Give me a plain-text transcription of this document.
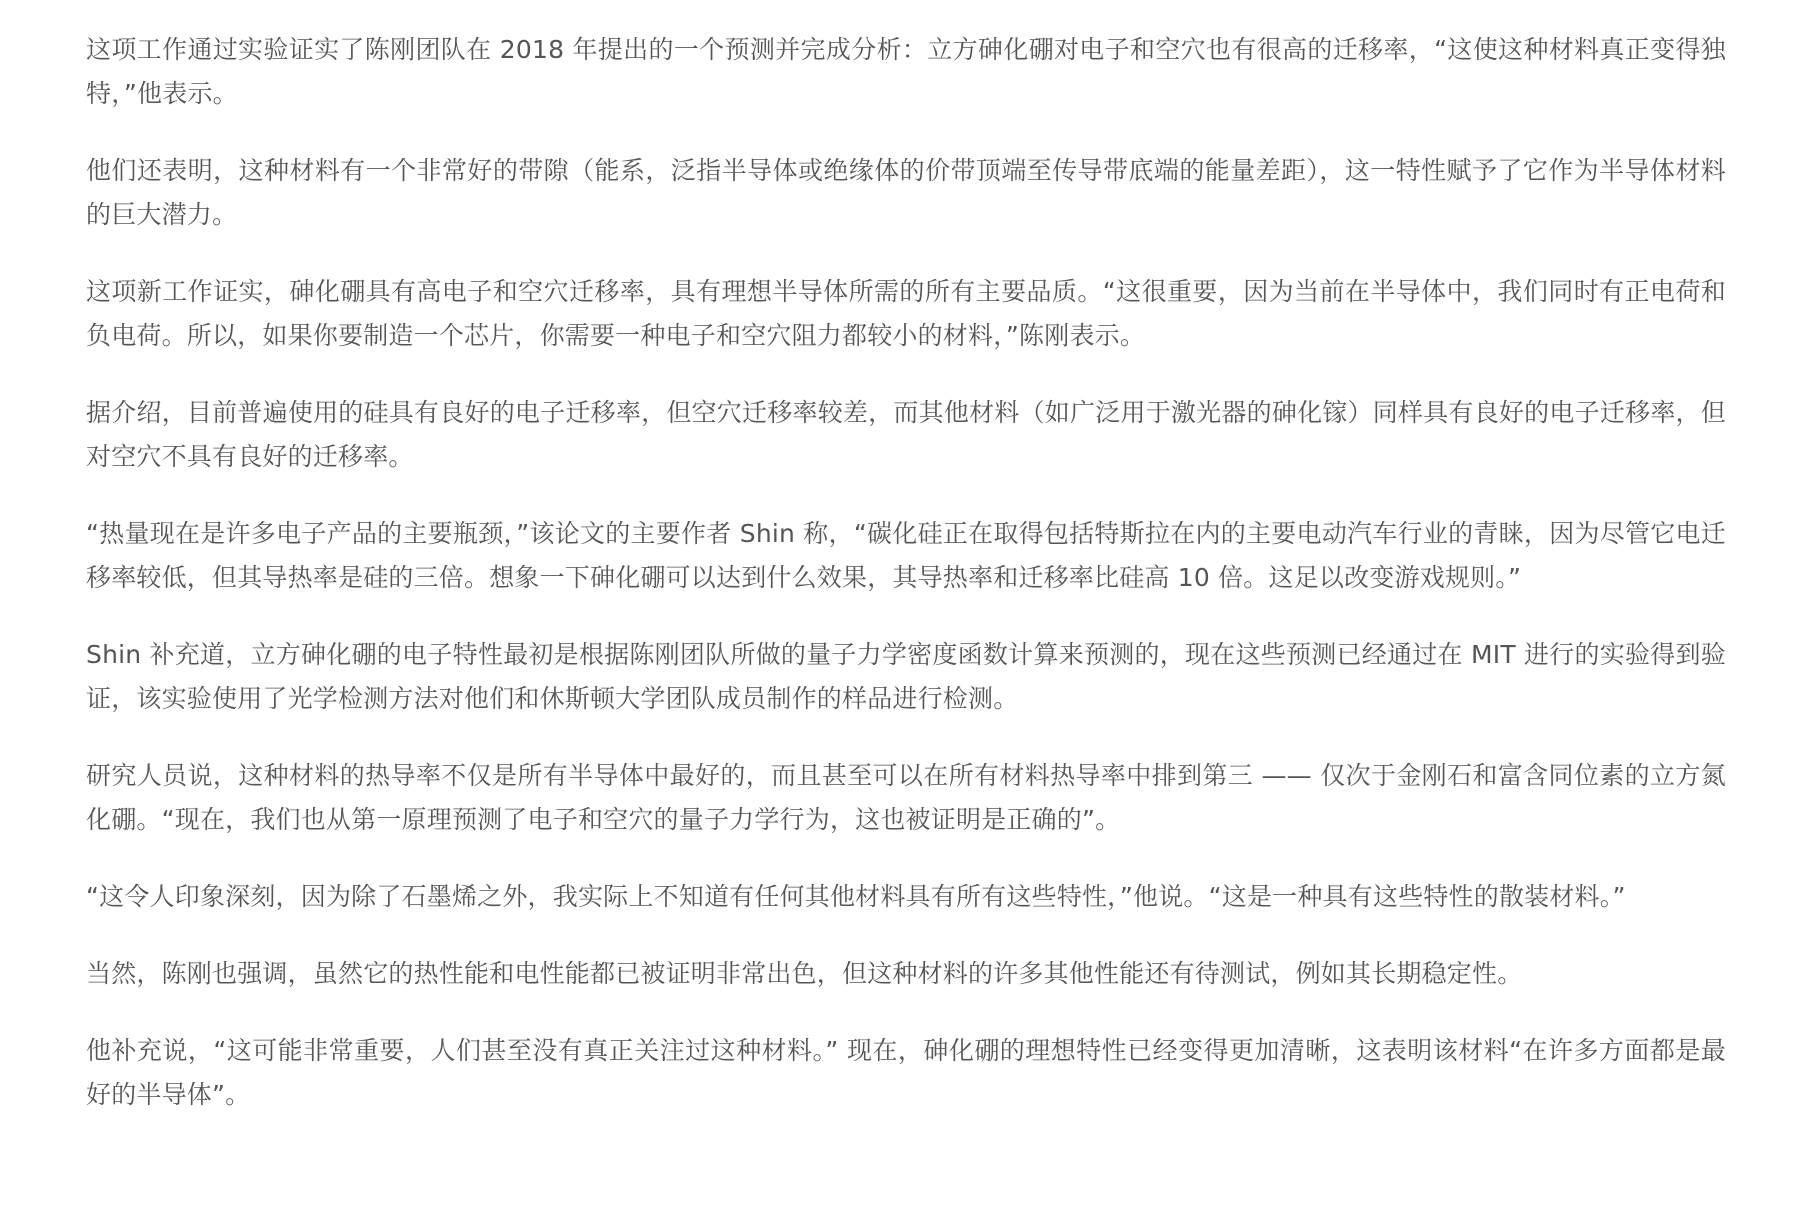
这项工作通过实验证实了陈刚团队在 2018 年提出的一个预测并完成分析：立方砷化硼对电子和空穴也有很高的迁移率，“这使这种材料真正变得独特，”他表示。

他们还表明，这种材料有一个非常好的带隙（能系，泛指半导体或绝缘体的价带顶端至传导带底端的能量差距），这一特性赋予了它作为半导体材料的巨大潜力。

这项新工作证实，砷化硼具有高电子和空穴迁移率，具有理想半导体所需的所有主要品质。“这很重要，因为当前在半导体中，我们同时有正电荷和负电荷。所以，如果你要制造一个芯片，你需要一种电子和空穴阻力都较小的材料，”陈刚表示。

据介绍，目前普遍使用的硅具有良好的电子迁移率，但空穴迁移率较差，而其他材料（如广泛用于激光器的砷化镓）同样具有良好的电子迁移率，但对空穴不具有良好的迁移率。

“热量现在是许多电子产品的主要瓶颈，”该论文的主要作者 Shin 称，“碳化硅正在取得包括特斯拉在内的主要电动汽车行业的青睐，因为尽管它电迁移率较低，但其导热率是硅的三倍。想象一下砷化硼可以达到什么效果，其导热率和迁移率比硅高 10 倍。这足以改变游戏规则。”

Shin 补充道，立方砷化硼的电子特性最初是根据陈刚团队所做的量子力学密度函数计算来预测的，现在这些预测已经通过在 MIT 进行的实验得到验证，该实验使用了光学检测方法对他们和休斯顿大学团队成员制作的样品进行检测。

研究人员说，这种材料的热导率不仅是所有半导体中最好的，而且甚至可以在所有材料热导率中排到第三 —— 仅次于金刚石和富含同位素的立方氮化硼。“现在，我们也从第一原理预测了电子和空穴的量子力学行为，这也被证明是正确的”。

“这令人印象深刻，因为除了石墨烯之外，我实际上不知道有任何其他材料具有所有这些特性，”他说。“这是一种具有这些特性的散装材料。”

当然，陈刚也强调，虽然它的热性能和电性能都已被证明非常出色，但这种材料的许多其他性能还有待测试，例如其长期稳定性。

他补充说，“这可能非常重要，人们甚至没有真正关注过这种材料。” 现在，砷化硼的理想特性已经变得更加清晰，这表明该材料“在许多方面都是最好的半导体”。
